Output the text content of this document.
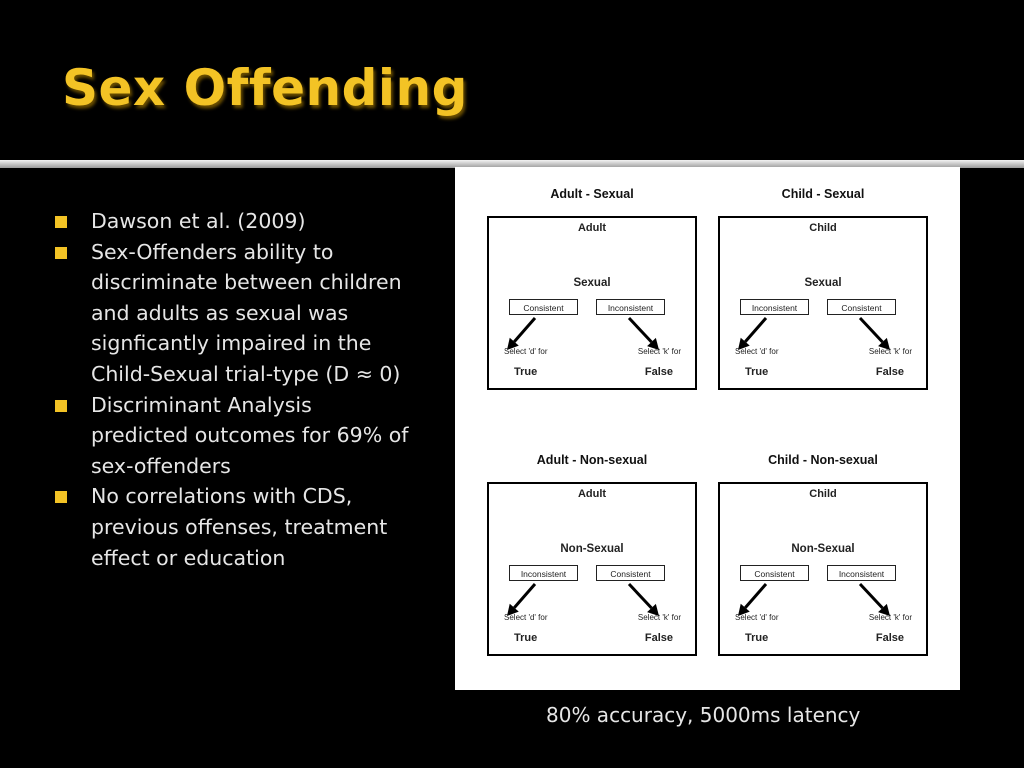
Sex Offending
Dawson et al. (2009)
Sex-Offenders ability to discriminate between children and adults as sexual was signficantly impaired in the Child-Sexual trial-type (D ≈ 0)
Discriminant Analysis predicted outcomes for 69% of sex-offenders
No correlations with CDS, previous offenses, treatment effect or education
Adult - Sexual
Adult
Sexual
Consistent	Inconsistent
Select 'd' for	Select 'k' for
True	False
Child - Sexual
Child
Sexual
Inconsistent	Consistent
Select 'd' for	Select 'k' for
True	False
Adult - Non-sexual
Adult
Non-Sexual
Inconsistent	Consistent
Select 'd' for	Select 'k' for
True	False
Child - Non-sexual
Child
Non-Sexual
Consistent	Inconsistent
Select 'd' for	Select 'k' for
True	False
80% accuracy, 5000ms latency
